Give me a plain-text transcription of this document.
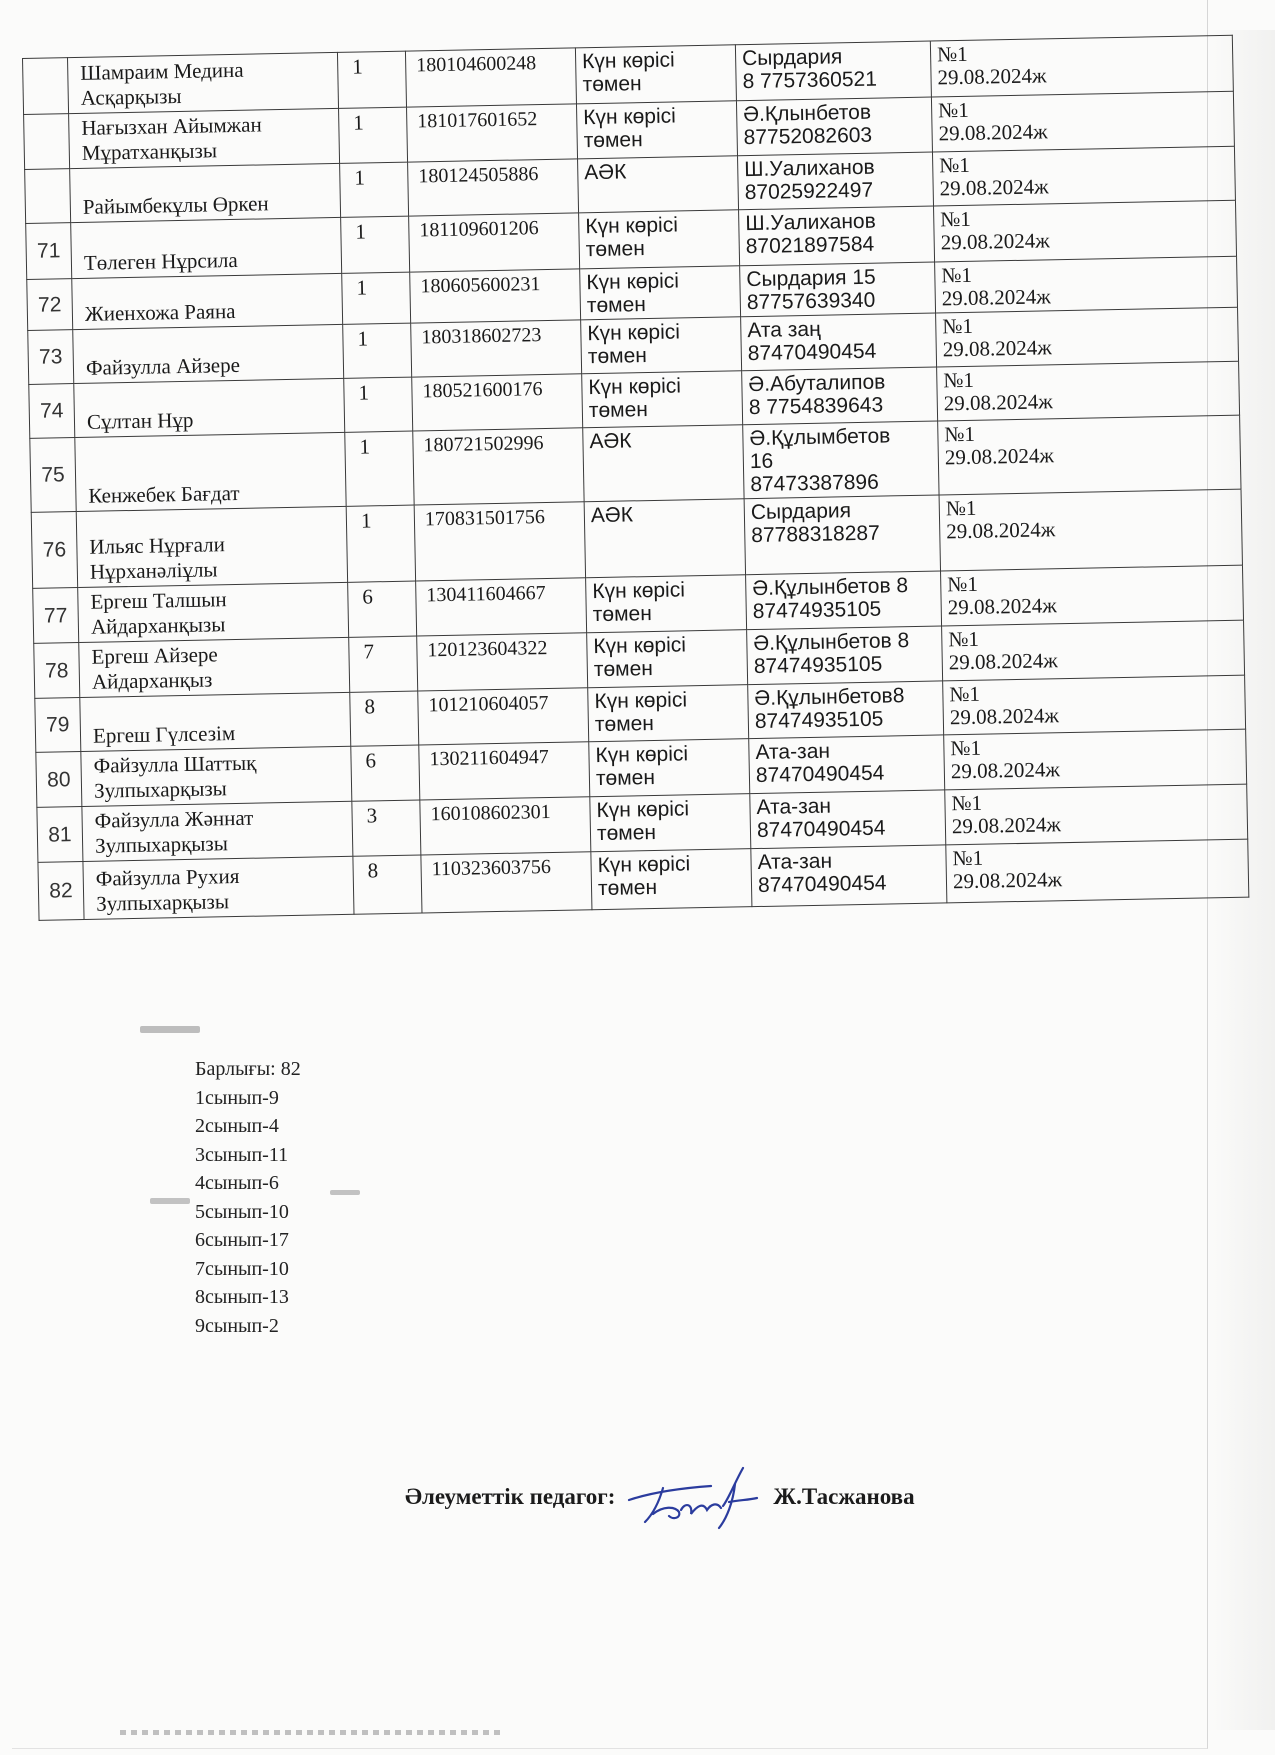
	Шамраим Медина
Асқарқызы	1	180104600248	Күн көрісі
төмен	Сырдария
8 7757360521	№1
29.08.2024ж

	Нағызхан Айымжан
Мұратханқызы	1	181017601652	Күн көрісі
төмен	Ә.Қлынбетов
87752082603	№1
29.08.2024ж

	Райымбекұлы Өркен	1	180124505886	АӘК	Ш.Уалиханов
87025922497	№1
29.08.2024ж

71	Төлеген Нұрсила	1	181109601206	Күн көрісі
төмен	Ш.Уалиханов
87021897584	№1
29.08.2024ж

72	Жиенхожа Раяна	1	180605600231	Күн көрісі
төмен	Сырдария 15
87757639340	№1
29.08.2024ж

73	Файзулла Айзере	1	180318602723	Күн көрісі
төмен	Ата заң
87470490454	№1
29.08.2024ж

74	Сұлтан Нұр	1	180521600176	Күн көрісі
төмен	Ә.Абуталипов
8 7754839643	№1
29.08.2024ж

75	Кенжебек Бағдат	1	180721502996	АӘК	Ә.Құлымбетов
16
87473387896	№1
29.08.2024ж

76	Ильяс Нұрғали
Нұрханәліұлы	1	170831501756	АӘК	Сырдария
87788318287	№1
29.08.2024ж

77	Ергеш Талшын
Айдарханқызы	6	130411604667	Күн көрісі
төмен	Ә.Құлынбетов 8
87474935105	№1
29.08.2024ж

78	Ергеш Айзере
Айдарханқыз	7	120123604322	Күн көрісі
төмен	Ә.Құлынбетов 8
87474935105	№1
29.08.2024ж

79	Ергеш Гүлсезім	8	101210604057	Күн көрісі
төмен	Ә.Құлынбетов8
87474935105	№1
29.08.2024ж

80	Файзулла Шаттық
Зулпыхарқызы	6	130211604947	Күн көрісі
төмен	Ата-зан
87470490454	№1
29.08.2024ж

81	Файзулла Жәннат
Зулпыхарқызы	3	160108602301	Күн көрісі
төмен	Ата-зан
87470490454	№1
29.08.2024ж

82	Файзулла Рухия
Зулпыхарқызы	8	110323603756	Күн көрісі
төмен	Ата-зан
87470490454	№1
29.08.2024ж
Барлығы: 82
1сынып-9
2сынып-4
3сынып-11
4сынып-6
5сынып-10
6сынып-17
7сынып-10
8сынып-13
9сынып-2
Әлеуметтік педагог:	Ж.Тасжанова
